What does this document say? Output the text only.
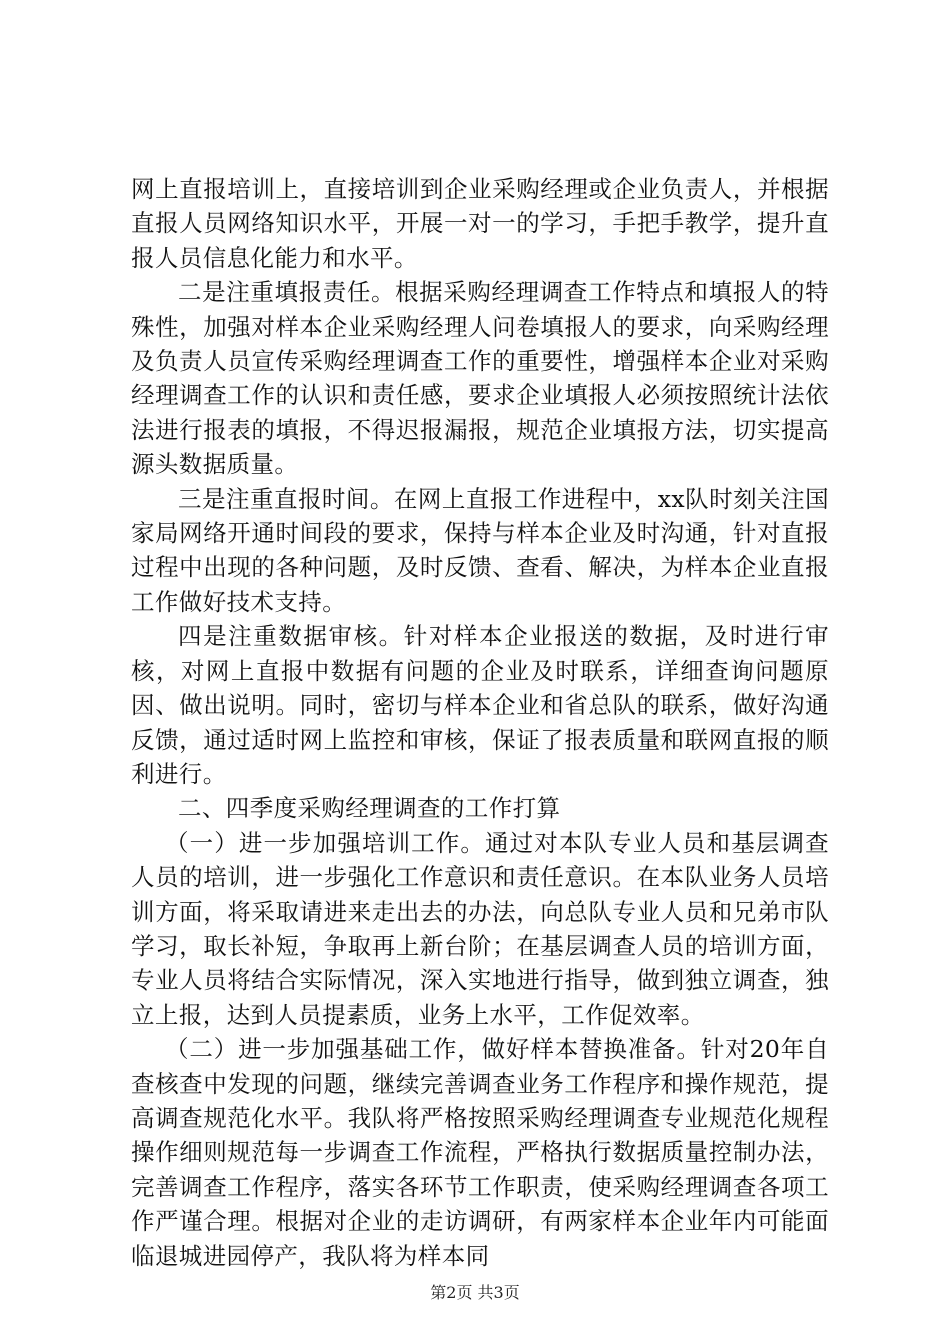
网上直报培训上，直接培训到企业采购经理或企业负责人，并根据直报人员网络知识水平，开展一对一的学习，手把手教学，提升直报人员信息化能力和水平。

二是注重填报责任。根据采购经理调查工作特点和填报人的特殊性，加强对样本企业采购经理人问卷填报人的要求，向采购经理及负责人员宣传采购经理调查工作的重要性，增强样本企业对采购经理调查工作的认识和责任感，要求企业填报人必须按照统计法依法进行报表的填报，不得迟报漏报，规范企业填报方法，切实提高源头数据质量。

三是注重直报时间。在网上直报工作进程中，xx队时刻关注国家局网络开通时间段的要求，保持与样本企业及时沟通，针对直报过程中出现的各种问题，及时反馈、查看、解决，为样本企业直报工作做好技术支持。

四是注重数据审核。针对样本企业报送的数据，及时进行审核，对网上直报中数据有问题的企业及时联系，详细查询问题原因、做出说明。同时，密切与样本企业和省总队的联系，做好沟通反馈，通过适时网上监控和审核，保证了报表质量和联网直报的顺利进行。

二、四季度采购经理调查的工作打算

（一）进一步加强培训工作。通过对本队专业人员和基层调查人员的培训，进一步强化工作意识和责任意识。在本队业务人员培训方面，将采取请进来走出去的办法，向总队专业人员和兄弟市队学习，取长补短，争取再上新台阶；在基层调查人员的培训方面，专业人员将结合实际情况，深入实地进行指导，做到独立调查，独立上报，达到人员提素质，业务上水平，工作促效率。

（二）进一步加强基础工作，做好样本替换准备。针对20年自查核查中发现的问题，继续完善调查业务工作程序和操作规范，提高调查规范化水平。我队将严格按照采购经理调查专业规范化规程操作细则规范每一步调查工作流程，严格执行数据质量控制办法，完善调查工作程序，落实各环节工作职责，使采购经理调查各项工作严谨合理。根据对企业的走访调研，有两家样本企业年内可能面临退城进园停产，我队将为样本同

第2页 共3页
